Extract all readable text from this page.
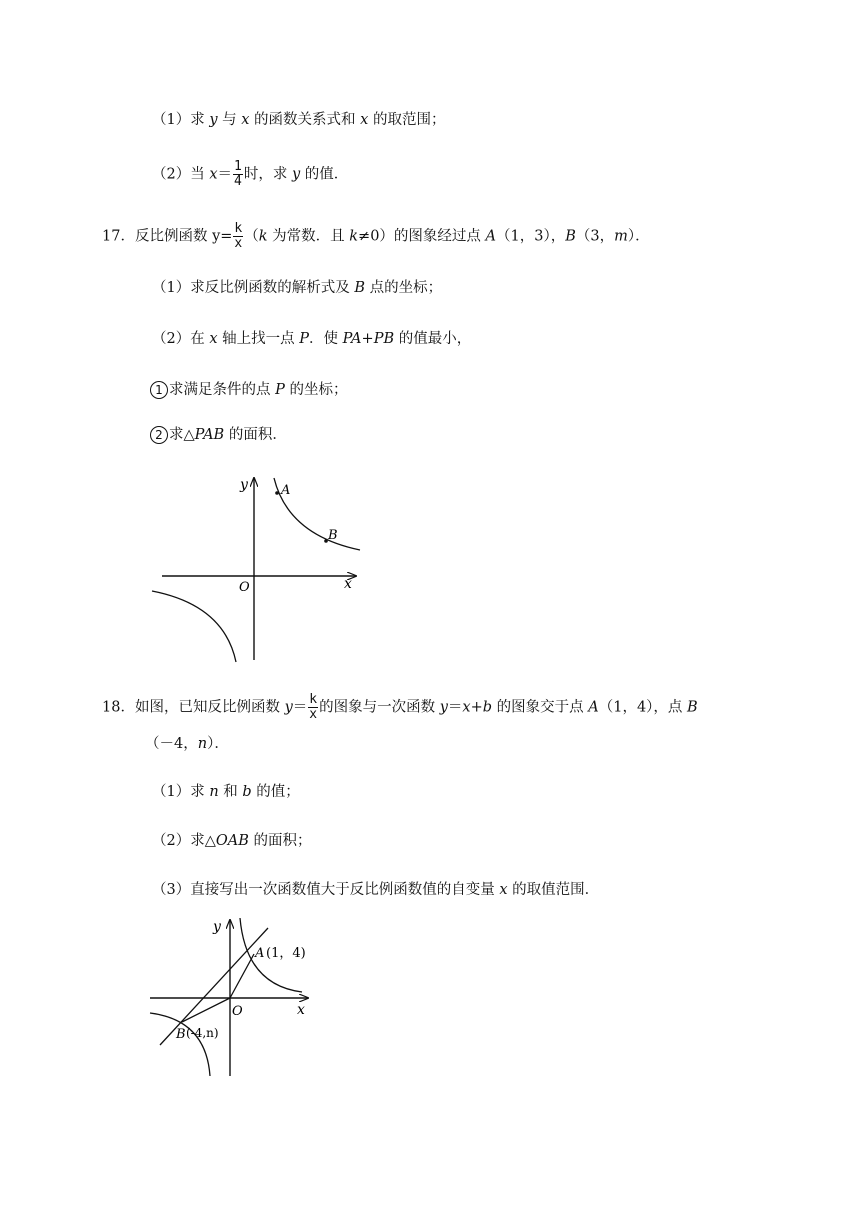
（1）求 y 与 x 的函数关系式和 x 的取范围；
（2）当 $x= \frac{1}{4}$ 时，求 y 的值．
17．反比例函数 $y= \frac{k}{x} (k$ 为常数．且 k≠0）的图象经过点 A（1，3），B（3，m）．
（1）求反比例函数的解析式及 B 点的坐标；
（2）在 x 轴上找一点 P．使 PA+PB 的值最小，
1 求满足条件的点 P 的坐标；
2 求△PAB 的面积．
y	A
B
O	x
18．如图，已知反比例函数 $y= \frac{k}{x}$ 的图象与一次函数 y＝x+b 的图象交于点 A（1，4），点 B
（－4，n）．
（1）求 n 和 b 的值；
（2）求△OAB 的面积；
（3）直接写出一次函数值大于反比例函数值的自变量 x 的取值范围．
y
A (1，4)
O	x
B (-4,n)
